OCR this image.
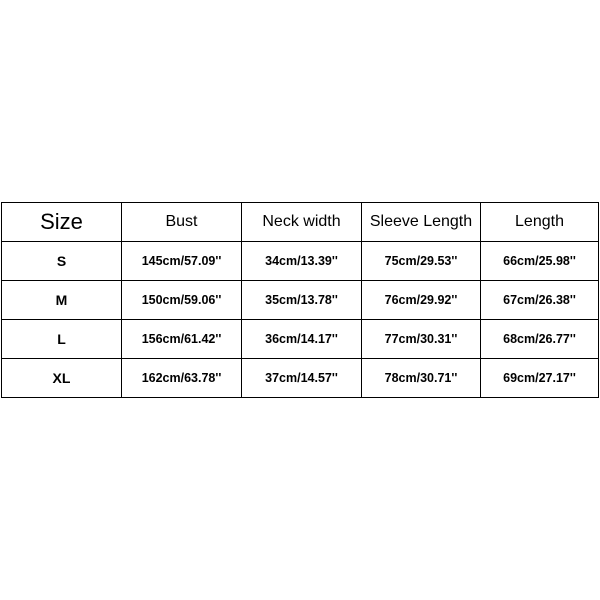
Size	Bust	Neck width	Sleeve Length	Length
S	145cm/57.09''	34cm/13.39''	75cm/29.53''	66cm/25.98''
M	150cm/59.06''	35cm/13.78''	76cm/29.92''	67cm/26.38''
L	156cm/61.42''	36cm/14.17''	77cm/30.31''	68cm/26.77''
XL	162cm/63.78''	37cm/14.57''	78cm/30.71''	69cm/27.17''
